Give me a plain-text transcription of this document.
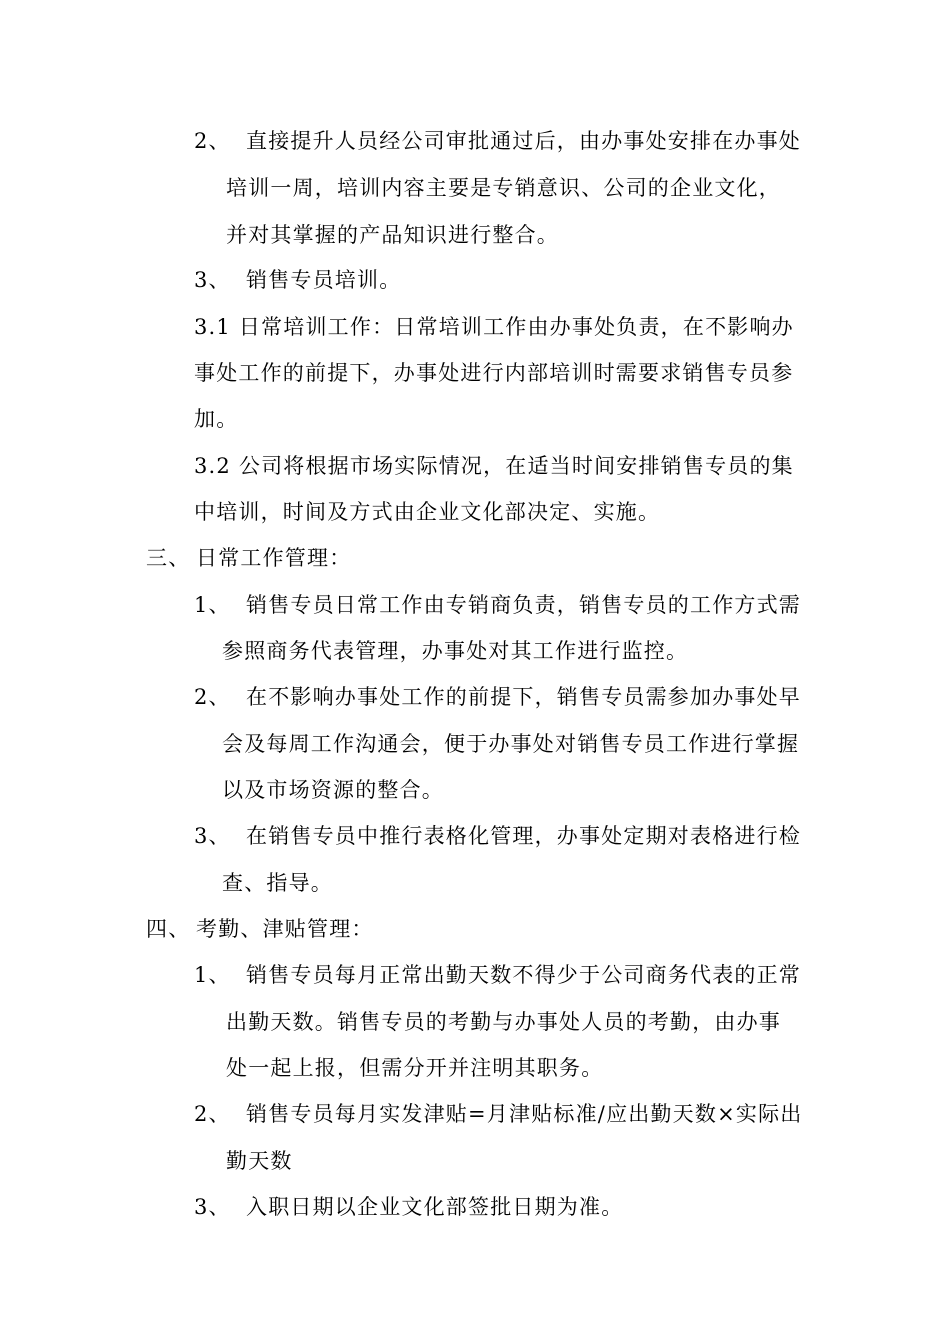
2、 直接提升人员经公司审批通过后，由办事处安排在办事处
培训一周，培训内容主要是专销意识、公司的企业文化，
并对其掌握的产品知识进行整合。
3、 销售专员培训。
3.1 日常培训工作：日常培训工作由办事处负责，在不影响办
事处工作的前提下，办事处进行内部培训时需要求销售专员参
加。
3.2 公司将根据市场实际情况，在适当时间安排销售专员的集
中培训，时间及方式由企业文化部决定、实施。
三、 日常工作管理：
1、 销售专员日常工作由专销商负责，销售专员的工作方式需
参照商务代表管理，办事处对其工作进行监控。
2、 在不影响办事处工作的前提下，销售专员需参加办事处早
会及每周工作沟通会，便于办事处对销售专员工作进行掌握
以及市场资源的整合。
3、 在销售专员中推行表格化管理，办事处定期对表格进行检
查、指导。
四、 考勤、津贴管理：
1、 销售专员每月正常出勤天数不得少于公司商务代表的正常
出勤天数。销售专员的考勤与办事处人员的考勤，由办事
处一起上报，但需分开并注明其职务。
2、 销售专员每月实发津贴=月津贴标准/应出勤天数×实际出
勤天数
3、 入职日期以企业文化部签批日期为准。
